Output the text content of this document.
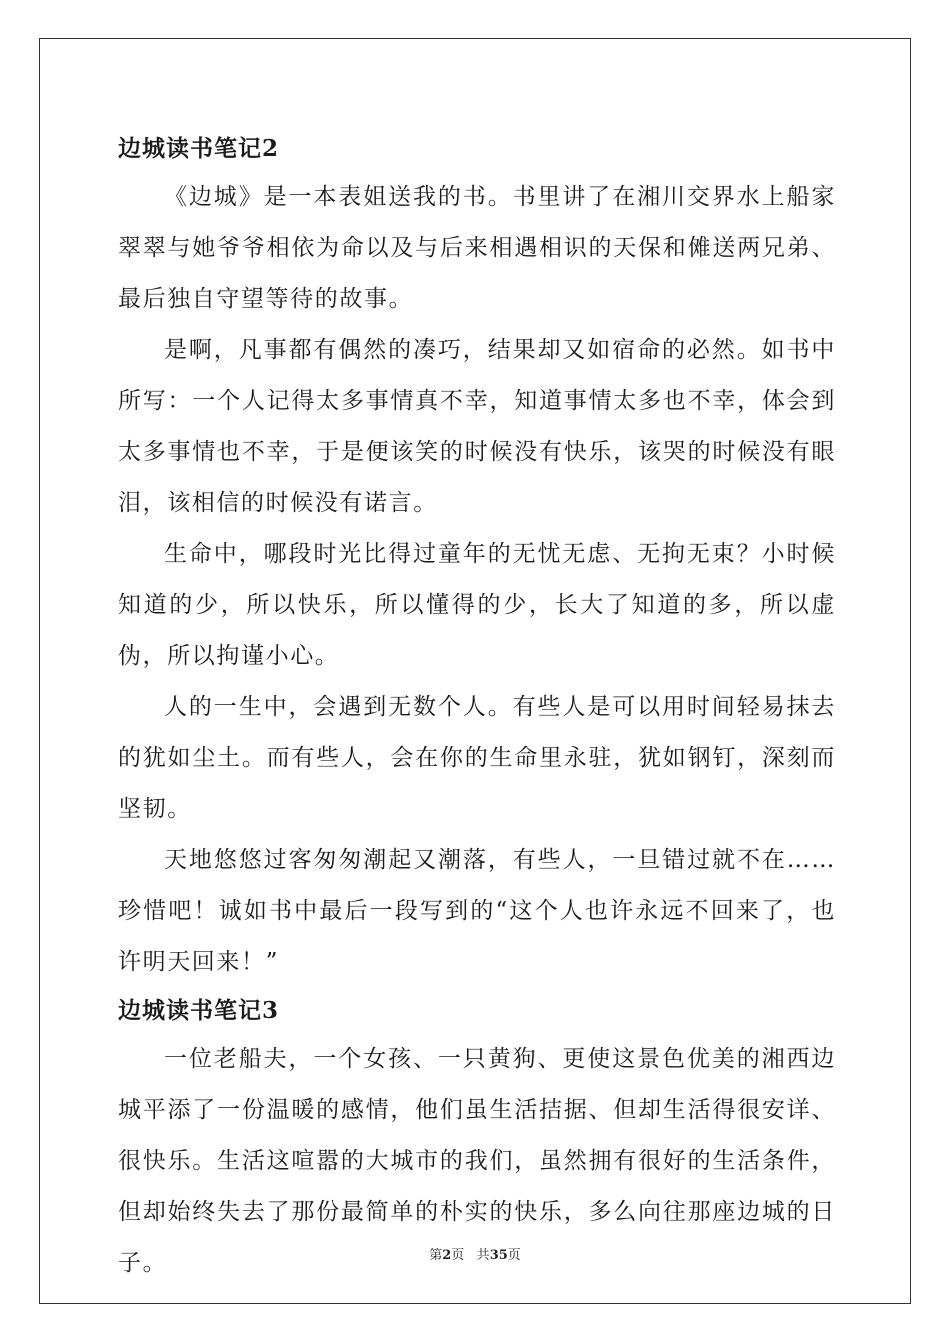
边城读书笔记2

《边城》是一本表姐送我的书。书里讲了在湘川交界水上船家翠翠与她爷爷相依为命以及与后来相遇相识的天保和傩送两兄弟、最后独自守望等待的故事。

是啊，凡事都有偶然的凑巧，结果却又如宿命的必然。如书中所写：一个人记得太多事情真不幸，知道事情太多也不幸，体会到太多事情也不幸，于是便该笑的时候没有快乐，该哭的时候没有眼泪，该相信的时候没有诺言。

生命中，哪段时光比得过童年的无忧无虑、无拘无束？小时候知道的少，所以快乐，所以懂得的少，长大了知道的多，所以虚伪，所以拘谨小心。

人的一生中，会遇到无数个人。有些人是可以用时间轻易抹去的犹如尘土。而有些人，会在你的生命里永驻，犹如钢钉，深刻而坚韧。

天地悠悠过客匆匆潮起又潮落，有些人，一旦错过就不在……珍惜吧！诚如书中最后一段写到的“这个人也许永远不回来了，也许明天回来！”

边城读书笔记3

一位老船夫，一个女孩、一只黄狗、更使这景色优美的湘西边城平添了一份温暖的感情，他们虽生活拮据、但却生活得很安详、很快乐。生活这喧嚣的大城市的我们，虽然拥有很好的生活条件，但却始终失去了那份最简单的朴实的快乐，多么向往那座边城的日子。	第2页 共35页
